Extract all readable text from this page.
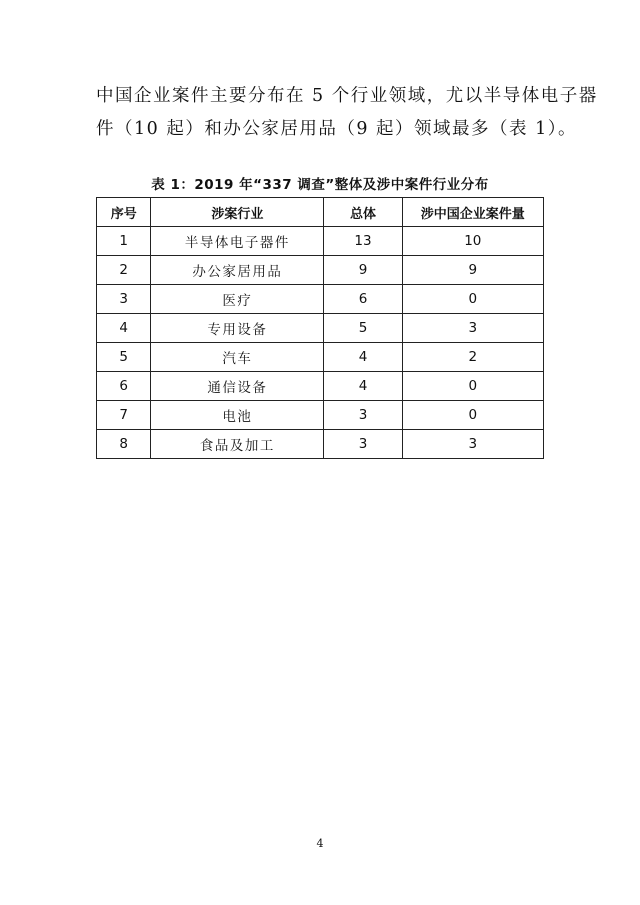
中国企业案件主要分布在 5 个行业领域，尤以半导体电子器

件（10 起）和办公家居用品（9 起）领域最多（表 1）。

表 1：2019 年“337 调查”整体及涉中案件行业分布
序号	涉案行业	总体	涉中国企业案件量
1	半导体电子器件	13	10
2	办公家居用品	9	9
3	医疗	6	0
4	专用设备	5	3
5	汽车	4	2
6	通信设备	4	0
7	电池	3	0
8	食品及加工	3	3
4
